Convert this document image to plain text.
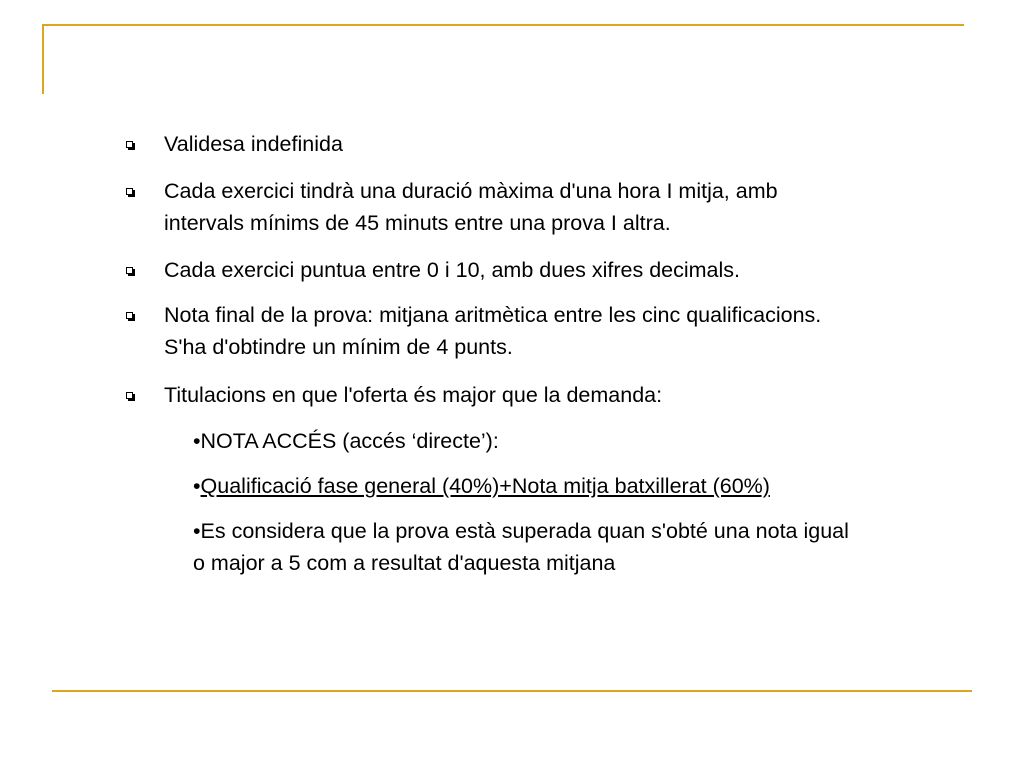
Validesa indefinida
Cada exercici tindrà una duració màxima d'una hora I mitja, amb
intervals mínims de 45 minuts entre una prova I altra.
Cada exercici puntua entre 0 i 10, amb dues xifres decimals.
Nota final de la prova: mitjana aritmètica entre les cinc qualificacions.
S'ha d'obtindre un mínim de 4 punts.
Titulacions en que l'oferta és major que la demanda:
•NOTA ACCÉS (accés ‘directe’):
•Qualificació fase general (40%)+Nota mitja batxillerat (60%)
•Es considera que la prova està superada quan s'obté una nota igual
o major a 5 com a resultat d'aquesta mitjana
